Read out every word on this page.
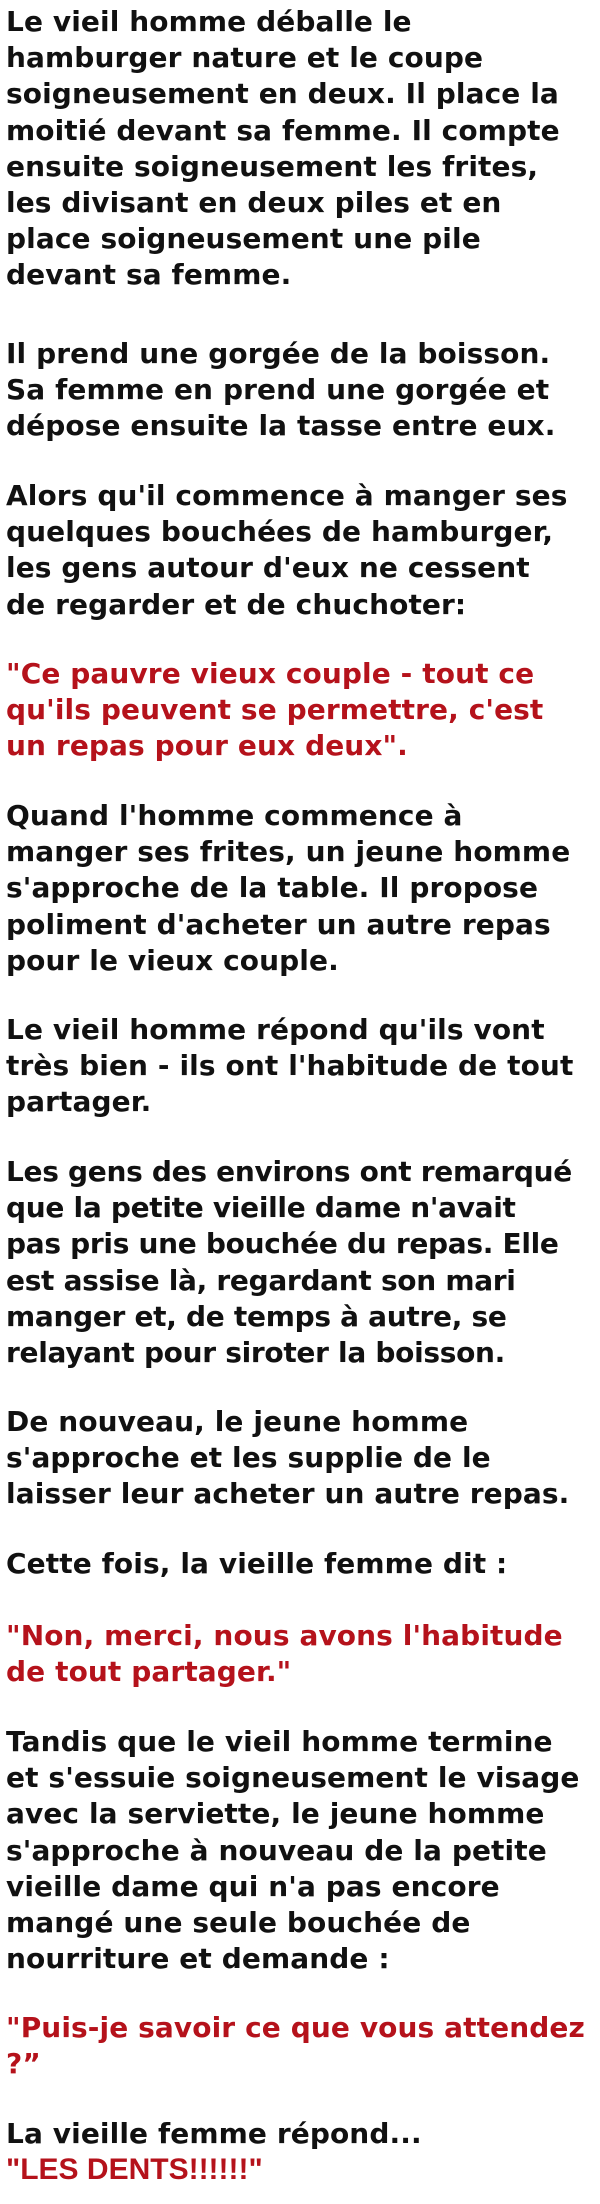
Le vieil homme déballe le
hamburger nature et le coupe
soigneusement en deux. Il place la
moitié devant sa femme. Il compte
ensuite soigneusement les frites,
les divisant en deux piles et en
place soigneusement une pile
devant sa femme.

Il prend une gorgée de la boisson.
Sa femme en prend une gorgée et
dépose ensuite la tasse entre eux.

Alors qu'il commence à manger ses
quelques bouchées de hamburger,
les gens autour d'eux ne cessent
de regarder et de chuchoter:

"Ce pauvre vieux couple - tout ce
qu'ils peuvent se permettre, c'est
un repas pour eux deux".

Quand l'homme commence à
manger ses frites, un jeune homme
s'approche de la table. Il propose
poliment d'acheter un autre repas
pour le vieux couple.

Le vieil homme répond qu'ils vont
très bien - ils ont l'habitude de tout
partager.

Les gens des environs ont remarqué
que la petite vieille dame n'avait
pas pris une bouchée du repas. Elle
est assise là, regardant son mari
manger et, de temps à autre, se
relayant pour siroter la boisson.

De nouveau, le jeune homme
s'approche et les supplie de le
laisser leur acheter un autre repas.

Cette fois, la vieille femme dit :

"Non, merci, nous avons l'habitude
de tout partager."

Tandis que le vieil homme termine
et s'essuie soigneusement le visage
avec la serviette, le jeune homme
s'approche à nouveau de la petite
vieille dame qui n'a pas encore
mangé une seule bouchée de
nourriture et demande :

"Puis-je savoir ce que vous attendez
?”

La vieille femme répond...

"LES DENTS!!!!!!"
